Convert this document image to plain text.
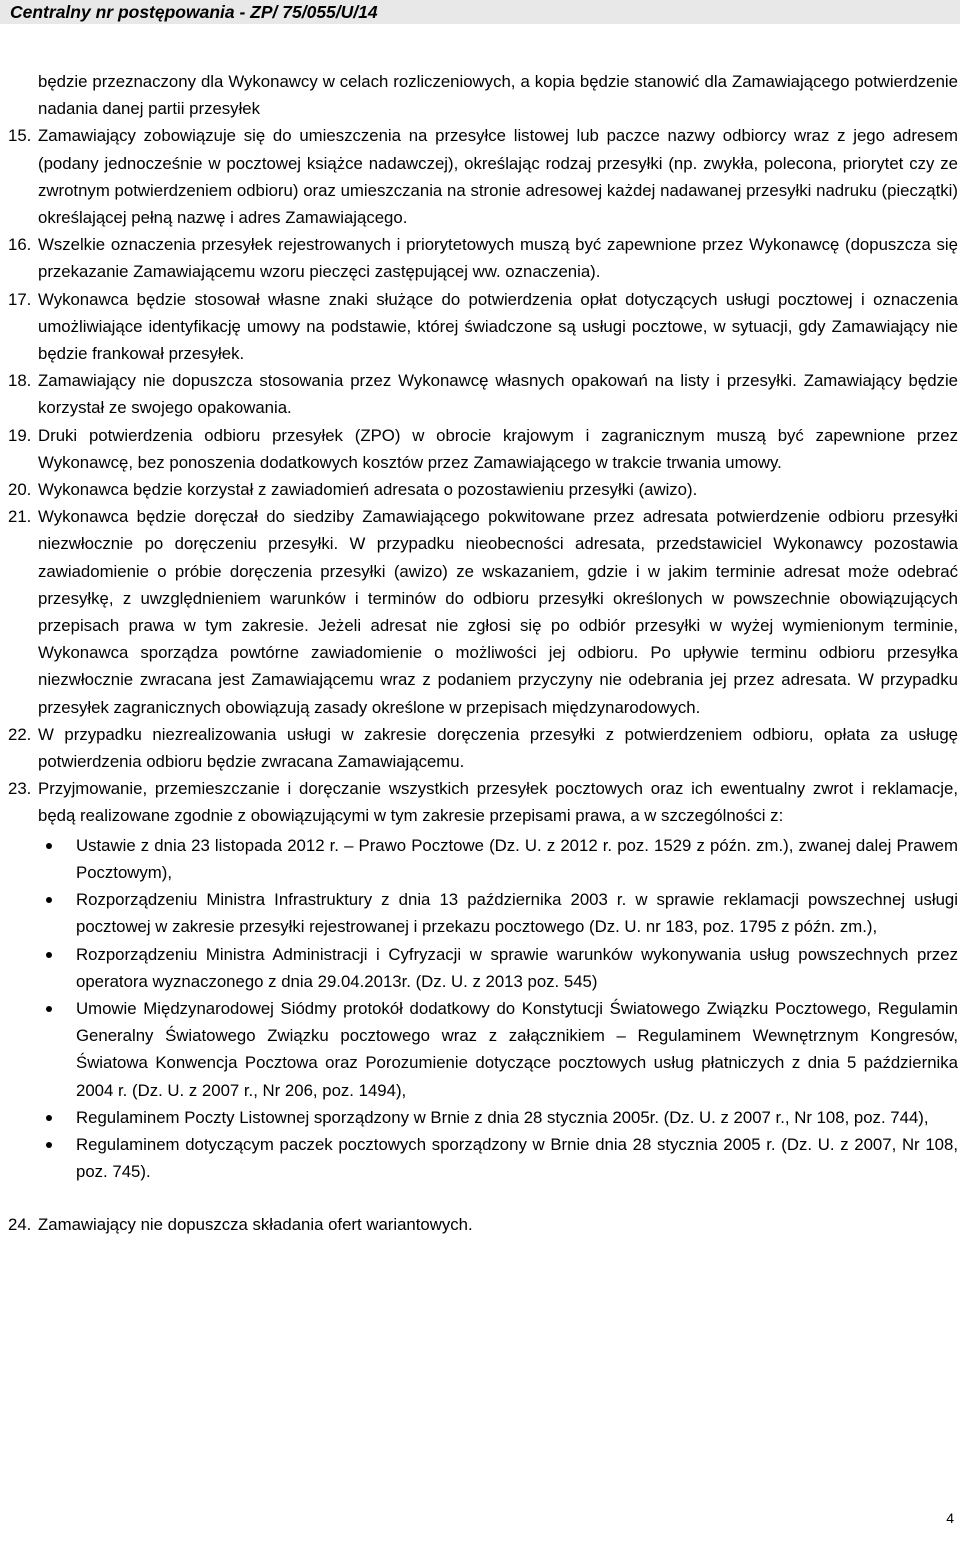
Centralny nr postępowania - ZP/ 75/055/U/14
będzie przeznaczony dla Wykonawcy w celach rozliczeniowych, a kopia będzie stanowić dla Zamawiającego potwierdzenie nadania danej partii przesyłek
15. Zamawiający zobowiązuje się do umieszczenia na przesyłce listowej lub paczce nazwy odbiorcy wraz z jego adresem (podany jednocześnie w pocztowej książce nadawczej), określając rodzaj przesyłki (np. zwykła, polecona, priorytet czy ze zwrotnym potwierdzeniem odbioru) oraz umieszczania na stronie adresowej każdej nadawanej przesyłki nadruku (pieczątki) określającej pełną nazwę i adres Zamawiającego.
16. Wszelkie oznaczenia przesyłek rejestrowanych i priorytetowych muszą być zapewnione przez Wykonawcę (dopuszcza się przekazanie Zamawiającemu wzoru pieczęci zastępującej ww. oznaczenia).
17. Wykonawca będzie stosował własne znaki służące do potwierdzenia opłat dotyczących usługi pocztowej i oznaczenia umożliwiające identyfikację umowy na podstawie, której świadczone są usługi pocztowe, w sytuacji, gdy Zamawiający nie będzie frankował przesyłek.
18. Zamawiający nie dopuszcza stosowania przez Wykonawcę własnych opakowań na listy i przesyłki. Zamawiający będzie korzystał ze swojego opakowania.
19. Druki potwierdzenia odbioru przesyłek (ZPO) w obrocie krajowym i zagranicznym muszą być zapewnione przez Wykonawcę, bez ponoszenia dodatkowych kosztów przez Zamawiającego w trakcie trwania umowy.
20. Wykonawca będzie korzystał z zawiadomień adresata o pozostawieniu przesyłki (awizo).
21. Wykonawca będzie doręczał do siedziby Zamawiającego pokwitowane przez adresata potwierdzenie odbioru przesyłki niezwłocznie po doręczeniu przesyłki. W przypadku nieobecności adresata, przedstawiciel Wykonawcy pozostawia zawiadomienie o próbie doręczenia przesyłki (awizo) ze wskazaniem, gdzie i w jakim terminie adresat może odebrać przesyłkę, z uwzględnieniem warunków i terminów do odbioru przesyłki określonych w powszechnie obowiązujących przepisach prawa w tym zakresie. Jeżeli adresat nie zgłosi się po odbiór przesyłki w wyżej wymienionym terminie, Wykonawca sporządza powtórne zawiadomienie o możliwości jej odbioru. Po upływie terminu odbioru przesyłka niezwłocznie zwracana jest Zamawiającemu wraz z podaniem przyczyny nie odebrania jej przez adresata. W przypadku przesyłek zagranicznych obowiązują zasady określone w przepisach międzynarodowych.
22. W przypadku niezrealizowania usługi w zakresie doręczenia przesyłki z potwierdzeniem odbioru, opłata za usługę potwierdzenia odbioru będzie zwracana Zamawiającemu.
23. Przyjmowanie, przemieszczanie i doręczanie wszystkich przesyłek pocztowych oraz ich ewentualny zwrot i reklamacje, będą realizowane zgodnie z obowiązującymi w tym zakresie przepisami prawa, a w szczególności z:
Ustawie z dnia 23 listopada 2012 r. – Prawo Pocztowe (Dz. U. z 2012 r. poz. 1529 z późn. zm.), zwanej dalej Prawem Pocztowym),
Rozporządzeniu Ministra Infrastruktury z dnia 13 października 2003 r. w sprawie reklamacji powszechnej usługi pocztowej w zakresie przesyłki rejestrowanej i przekazu pocztowego (Dz. U. nr 183, poz. 1795 z późn. zm.),
Rozporządzeniu Ministra Administracji i Cyfryzacji w sprawie warunków wykonywania usług powszechnych przez operatora wyznaczonego z dnia 29.04.2013r. (Dz. U. z 2013 poz. 545)
Umowie Międzynarodowej Siódmy protokół dodatkowy do Konstytucji Światowego Związku Pocztowego, Regulamin Generalny Światowego Związku pocztowego wraz z załącznikiem – Regulaminem Wewnętrznym Kongresów, Światowa Konwencja Pocztowa oraz Porozumienie dotyczące pocztowych usług płatniczych z dnia 5 października 2004 r. (Dz. U. z 2007 r., Nr 206, poz. 1494),
Regulaminem Poczty Listownej sporządzony w Brnie z dnia 28 stycznia 2005r. (Dz. U. z 2007 r., Nr 108, poz. 744),
Regulaminem dotyczącym paczek pocztowych sporządzony w Brnie dnia 28 stycznia 2005 r. (Dz. U. z 2007, Nr 108, poz. 745).
24. Zamawiający nie dopuszcza składania ofert wariantowych.
4
